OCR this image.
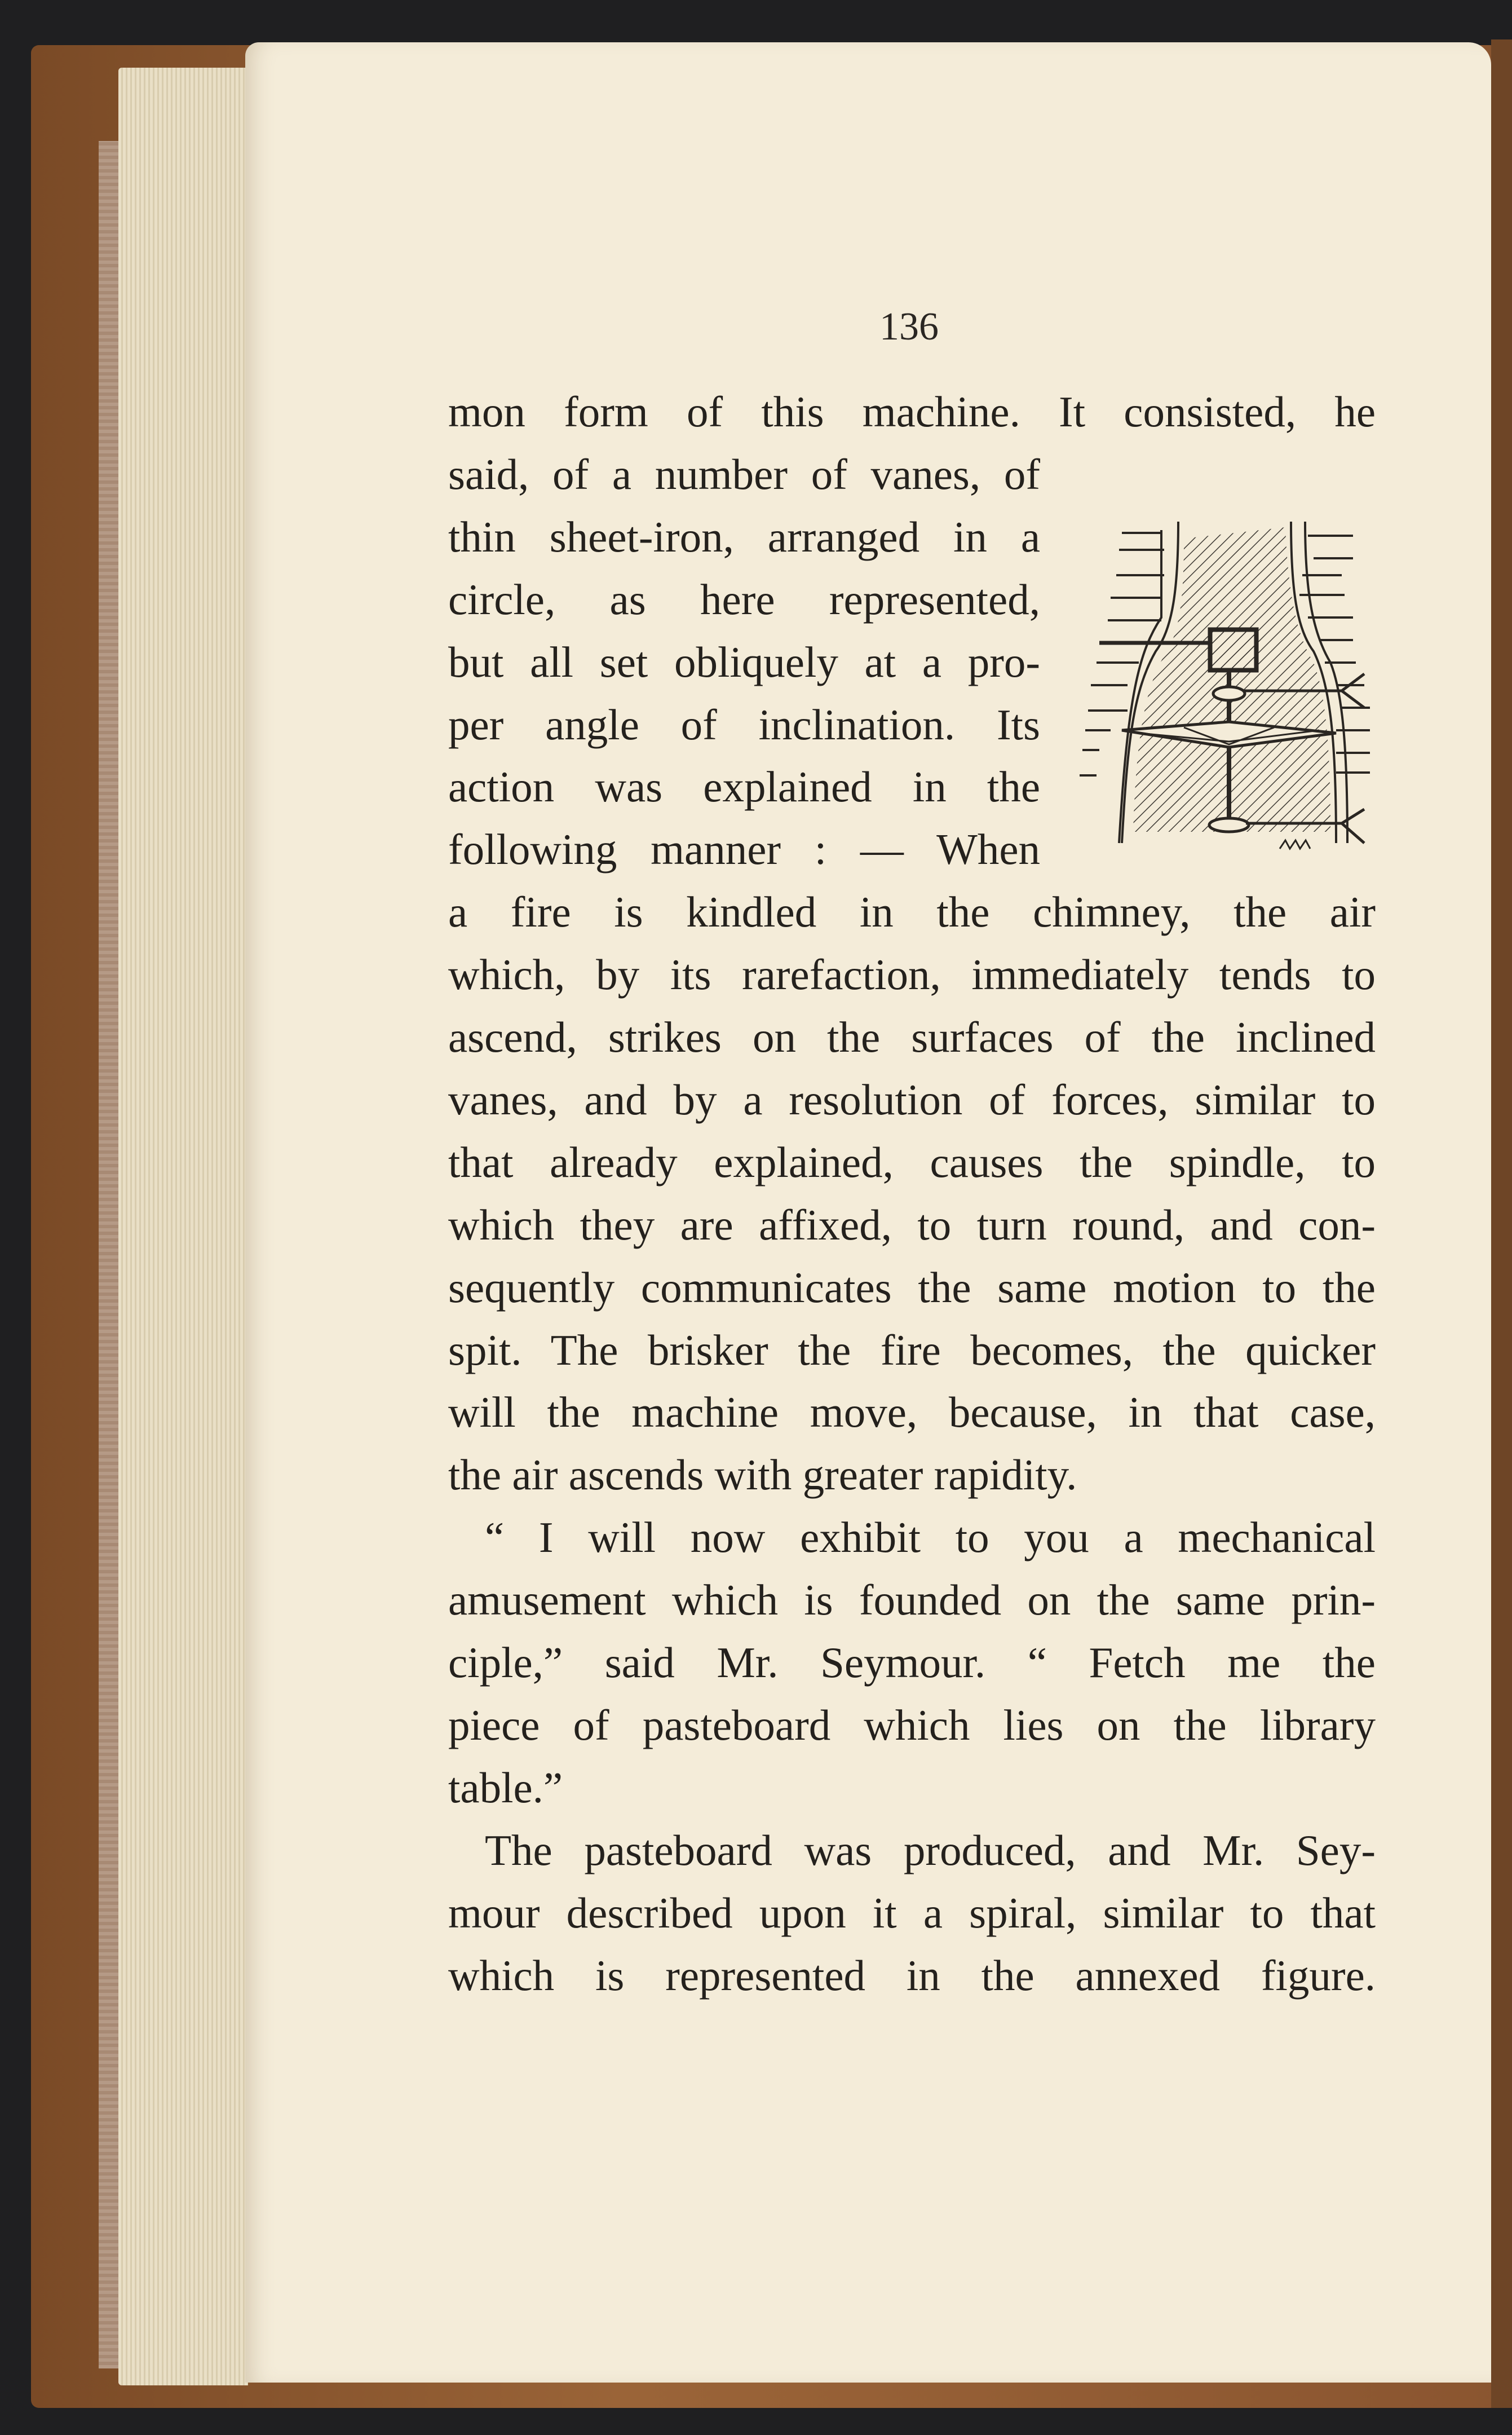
136
mon form of this machine. It consisted, he
said, of a number of vanes, of
thin sheet-iron, arranged in a
circle, as here represented,
but all set obliquely at a pro-
per angle of inclination. Its
action was explained in the
following manner : — When
a fire is kindled in the chimney, the air
which, by its rarefaction, immediately tends to
ascend, strikes on the surfaces of the inclined
vanes, and by a resolution of forces, similar to
that already explained, causes the spindle, to
which they are affixed, to turn round, and con-
sequently communicates the same motion to the
spit. The brisker the fire becomes, the quicker
will the machine move, because, in that case,
the air ascends with greater rapidity.
“ I will now exhibit to you a mechanical
amusement which is founded on the same prin-
ciple,” said Mr. Seymour. “ Fetch me the
piece of pasteboard which lies on the library
table.”
The pasteboard was produced, and Mr. Sey-
mour described upon it a spiral, similar to that
which is represented in the annexed figure.
